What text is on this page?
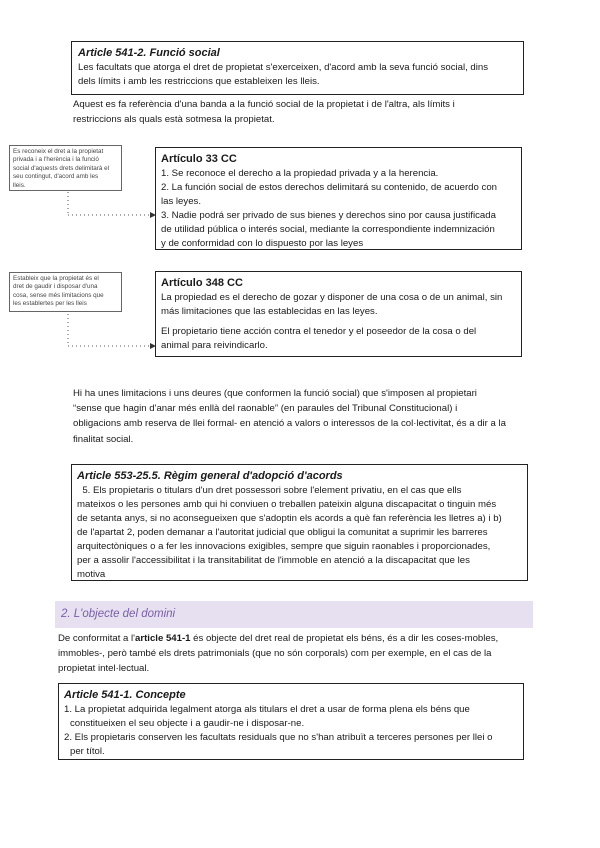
Article 541-2. Funció social

Les facultats que atorga el dret de propietat s'exerceixen, d'acord amb la seva funció social, dins

dels límits i amb les restriccions que estableixen les lleis.

Aquest es fa referència d'una banda a la funció social de la propietat i de l'altra, als límits i

restriccions als quals està sotmesa la propietat.

Es reconeix el dret a la propietat

privada i a l'herència i la funció

social d'aquests drets delimitarà el

seu contingut, d'acord amb les

lleis.

Artículo 33 CC

1. Se reconoce el derecho a la propiedad privada y a la herencia.

2. La función social de estos derechos delimitará su contenido, de acuerdo con

las leyes.

3. Nadie podrá ser privado de sus bienes y derechos sino por causa justificada

de utilidad pública o interés social, mediante la correspondiente indemnización

y de conformidad con lo dispuesto por las leyes

Estableix que la propietat és el

dret de gaudir i disposar d'una

cosa, sense més limitacions que

les establertes per les lleis

Artículo 348 CC

La propiedad es el derecho de gozar y disponer de una cosa o de un animal, sin

más limitaciones que las establecidas en las leyes.

El propietario tiene acción contra el tenedor y el poseedor de la cosa o del

animal para reivindicarlo.

Hi ha unes limitacions i uns deures (que conformen la funció social) que s'imposen al propietari

“sense que hagin d'anar més enllà del raonable” (en paraules del Tribunal Constitucional) i

obligacions amb reserva de llei formal- en atenció a valors o interessos de la col·lectivitat, és a dir a la

finalitat social.

Article 553-25.5. Règim general d'adopció d'acords

5. Els propietaris o titulars d'un dret possessori sobre l'element privatiu, en el cas que ells

mateixos o les persones amb qui hi conviuen o treballen pateixin alguna discapacitat o tinguin més

de setanta anys, si no aconsegueixen que s'adoptin els acords a què fan referència les lletres a) i b)

de l'apartat 2, poden demanar a l'autoritat judicial que obligui la comunitat a suprimir les barreres

arquitectòniques o a fer les innovacions exigibles, sempre que siguin raonables i proporcionades,

per a assolir l'accessibilitat i la transitabilitat de l'immoble en atenció a la discapacitat que les

motiva

2. L'objecte del domini

De conformitat a l'article 541-1 és objecte del dret real de propietat els béns, és a dir les coses-mobles,

immobles-, però també els drets patrimonials (que no són corporals) com per exemple, en el cas de la

propietat intel·lectual.

Article 541-1. Concepte

1. La propietat adquirida legalment atorga als titulars el dret a usar de forma plena els béns que

constitueixen el seu objecte i a gaudir-ne i disposar-ne.

2. Els propietaris conserven les facultats residuals que no s'han atribuït a terceres persones per llei o

per títol.
